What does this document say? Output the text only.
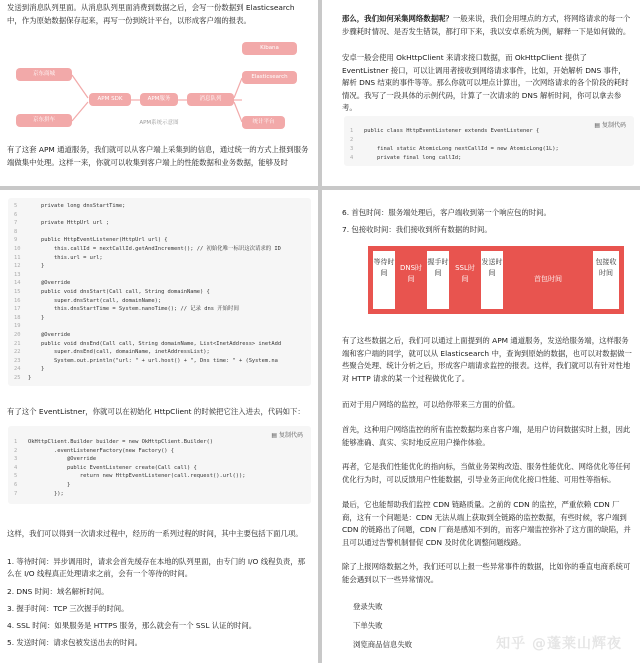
发送到消息队列里面。从消息队列里面消费到数据之后，会写一份数据到 Elasticsearch 中，作为原始数据保存起来，再写一份到统计平台，以形成客户端的报表。
京东商城
京东拼车
APM SDK	APM服务	消息队列
Kibana
Elasticsearch
统计平台
APM系统示意图
有了这套 APM 通道服务，我们就可以从客户端上采集到的信息，通过统一的方式上报到服务端做集中处理。这样一来，你就可以收集到客户端上的性能数据和业务数据，能够及时
那么，我们如何采集网络数据呢？一般来说，我们会用埋点的方式，将网络请求的每一个步骤耗时情况、是否发生错误，都打印下来，我以安卓系统为例，解释一下是如何做的。
安卓一般会使用 OkHttpClient 来请求接口数据，而 OkHttpClient 提供了 EventListner 接口，可以让调用者接收到网络请求事件，比如，开始解析 DNS 事件，解析 DNS 结束的事件等等。那么你就可以埋点计算出，一次网络请求的各个阶段的耗时情况。我写了一段具体的示例代码，计算了一次请求的 DNS 解析时间，你可以拿去参考。
▤ 复制代码
1 public class HttpEventListener extends EventListener {
2
3    final static AtomicLong nextCallId = new AtomicLong(1L);
4    private final long callId;
5    private long dnsStartTime;
6
7    private HttpUrl url ;
8
9    public HttpEventListener(HttpUrl url) {
10        this.callId = nextCallId.getAndIncrement(); // 初始化唯一标识这次请求的 ID
11        this.url = url;
12    }
13
14    @Override
15    public void dnsStart(Call call, String domainName) {
16        super.dnsStart(call, domainName);
17        this.dnsStartTime = System.nanoTime(); // 记录 dns 开始时间
18    }
19
20    @Override
21    public void dnsEnd(Call call, String domainName, List<InetAddress> inetAdd
22        super.dnsEnd(call, domainName, inetAddressList);
23        System.out.println("url: " + url.host() + ", Dns time: " + (System.na
24    }
25 }
有了这个 EventListner，你就可以在初始化 HttpClient 的时候把它注入进去，代码如下：
▤ 复制代码
1 OkHttpClient.Builder builder = new OkHttpClient.Builder()
2        .eventListenerFactory(new Factory() {
3            @Override
4            public EventListener create(Call call) {
5                return new HttpEventListener(call.request().url());
6            }
7        });
这样，我们可以得到一次请求过程中，经历的一系列过程的时间，其中主要包括下面几项。
1. 等待时间：异步调用时，请求会首先缓存在本地的队列里面，由专门的 I/O 线程负责，那么在 I/O 线程真正处理请求之前，会有一个等待的时间。
2. DNS 时间：域名解析时间。
3. 握手时间：TCP 三次握手的时间。
4. SSL 时间：如果服务是 HTTPS 服务，那么就会有一个 SSL 认证的时间。
5. 发送时间：请求包被发送出去的时间。
6. 首包时间：服务端处理后，客户端收到第一个响应包的时间。
7. 包接收时间：我们接收到所有数据的时间。
等待时间
DNS时间
握手时间
SSL时间
发送时间
首包时间
包接收时间
有了这些数据之后，我们可以通过上面提到的 APM 通道服务，发送给服务端，这样服务端和客户端的同学，就可以从 Elasticsearch 中，查询到原始的数据，也可以对数据做一些聚合处理、统计分析之后，形成客户端请求监控的报表。这样，我们就可以有针对性地对 HTTP 请求的某一个过程做优化了。
而对于用户网络的监控，可以给你带来三方面的价值。
首先，这种用户网络监控的所有监控数据均来自客户端，是用户访问数据实时上报，因此能够准确、真实、实时地反应用户操作体验。
再者，它是我们性能优化的指向标，当做业务架构改造、服务性能优化、网络优化等任何优化行为时，可以反馈用户性能数据，引导业务正向优化接口性能、可用性等指标。
最后，它也能帮助我们监控 CDN 链路质量。之前的 CDN 的监控，严重依赖 CDN 厂商，这有一个问题是：CDN 无法从端上获取到全链路的监控数据，有些时候，客户端到 CDN 的链路出了问题，CDN 厂商是感知不到的，而客户端监控弥补了这方面的缺陷，并且可以通过告警机制督促 CDN 及时优化调整问题线路。
除了上报网络数据之外，我们还可以上报一些异常事件的数据，比如你的垂直电商系统可能会遇到以下一些异常情况。
登录失败
下单失败
浏览商品信息失败	知乎 @蓬莱山辉夜
